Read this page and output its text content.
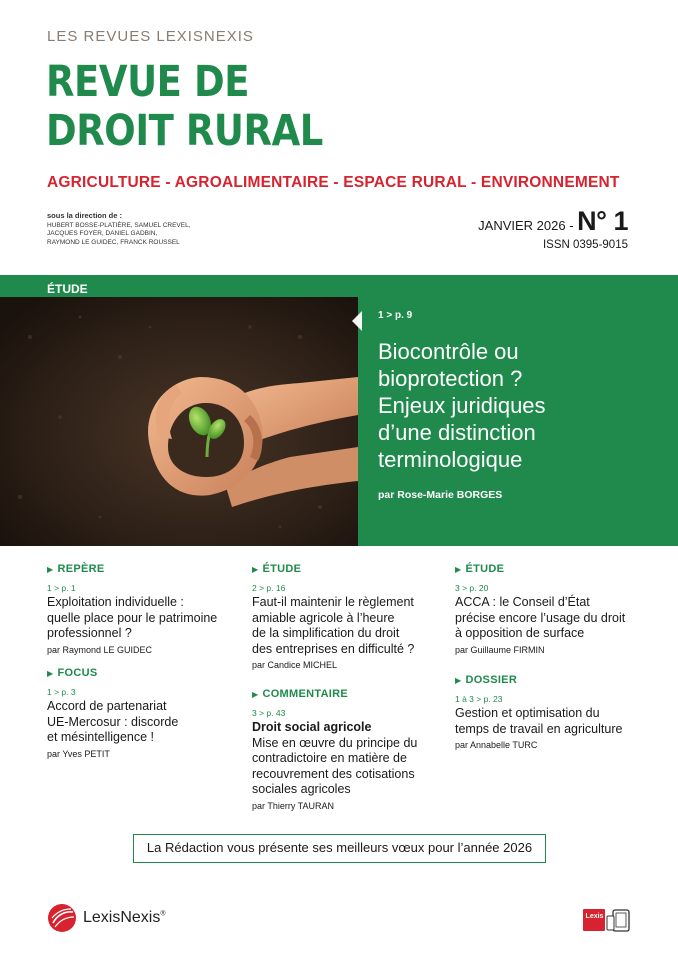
LES REVUES LEXISNEXIS
REVUE DE
DROIT RURAL
AGRICULTURE - AGROALIMENTAIRE - ESPACE RURAL - ENVIRONNEMENT
sous la direction de :
HUBERT BOSSE-PLATIÈRE, SAMUEL CREVEL,
JACQUES FOYER, DANIEL GADBIN,
RAYMOND LE GUIDEC, FRANCK ROUSSEL
JANVIER 2026 - N° 1
ISSN 0395-9015
ÉTUDE
1 > p. 9
Biocontrôle ou
bioprotection ?
Enjeux juridiques
d’une distinction
terminologique
par Rose-Marie BORGES
▶ REPÈRE
1 > p. 1
Exploitation individuelle :
quelle place pour le patrimoine
professionnel ?
par Raymond LE GUIDEC
▶ FOCUS
1 > p. 3
Accord de partenariat
UE-Mercosur : discorde
et mésintelligence !
par Yves PETIT
▶ ÉTUDE
2 > p. 16
Faut-il maintenir le règlement
amiable agricole à l’heure
de la simplification du droit
des entreprises en difficulté ?
par Candice MICHEL
▶ COMMENTAIRE
3 > p. 43
Droit social agricole
Mise en œuvre du principe du
contradictoire en matière de
recouvrement des cotisations
sociales agricoles
par Thierry TAURAN
▶ ÉTUDE
3 > p. 20
ACCA : le Conseil d’État
précise encore l’usage du droit
à opposition de surface
par Guillaume FIRMIN
▶ DOSSIER
1 à 3 > p. 23
Gestion et optimisation du
temps de travail en agriculture
par Annabelle TURC
La Rédaction vous présente ses meilleurs vœux pour l’année 2026
LexisNexis®	Lexis
